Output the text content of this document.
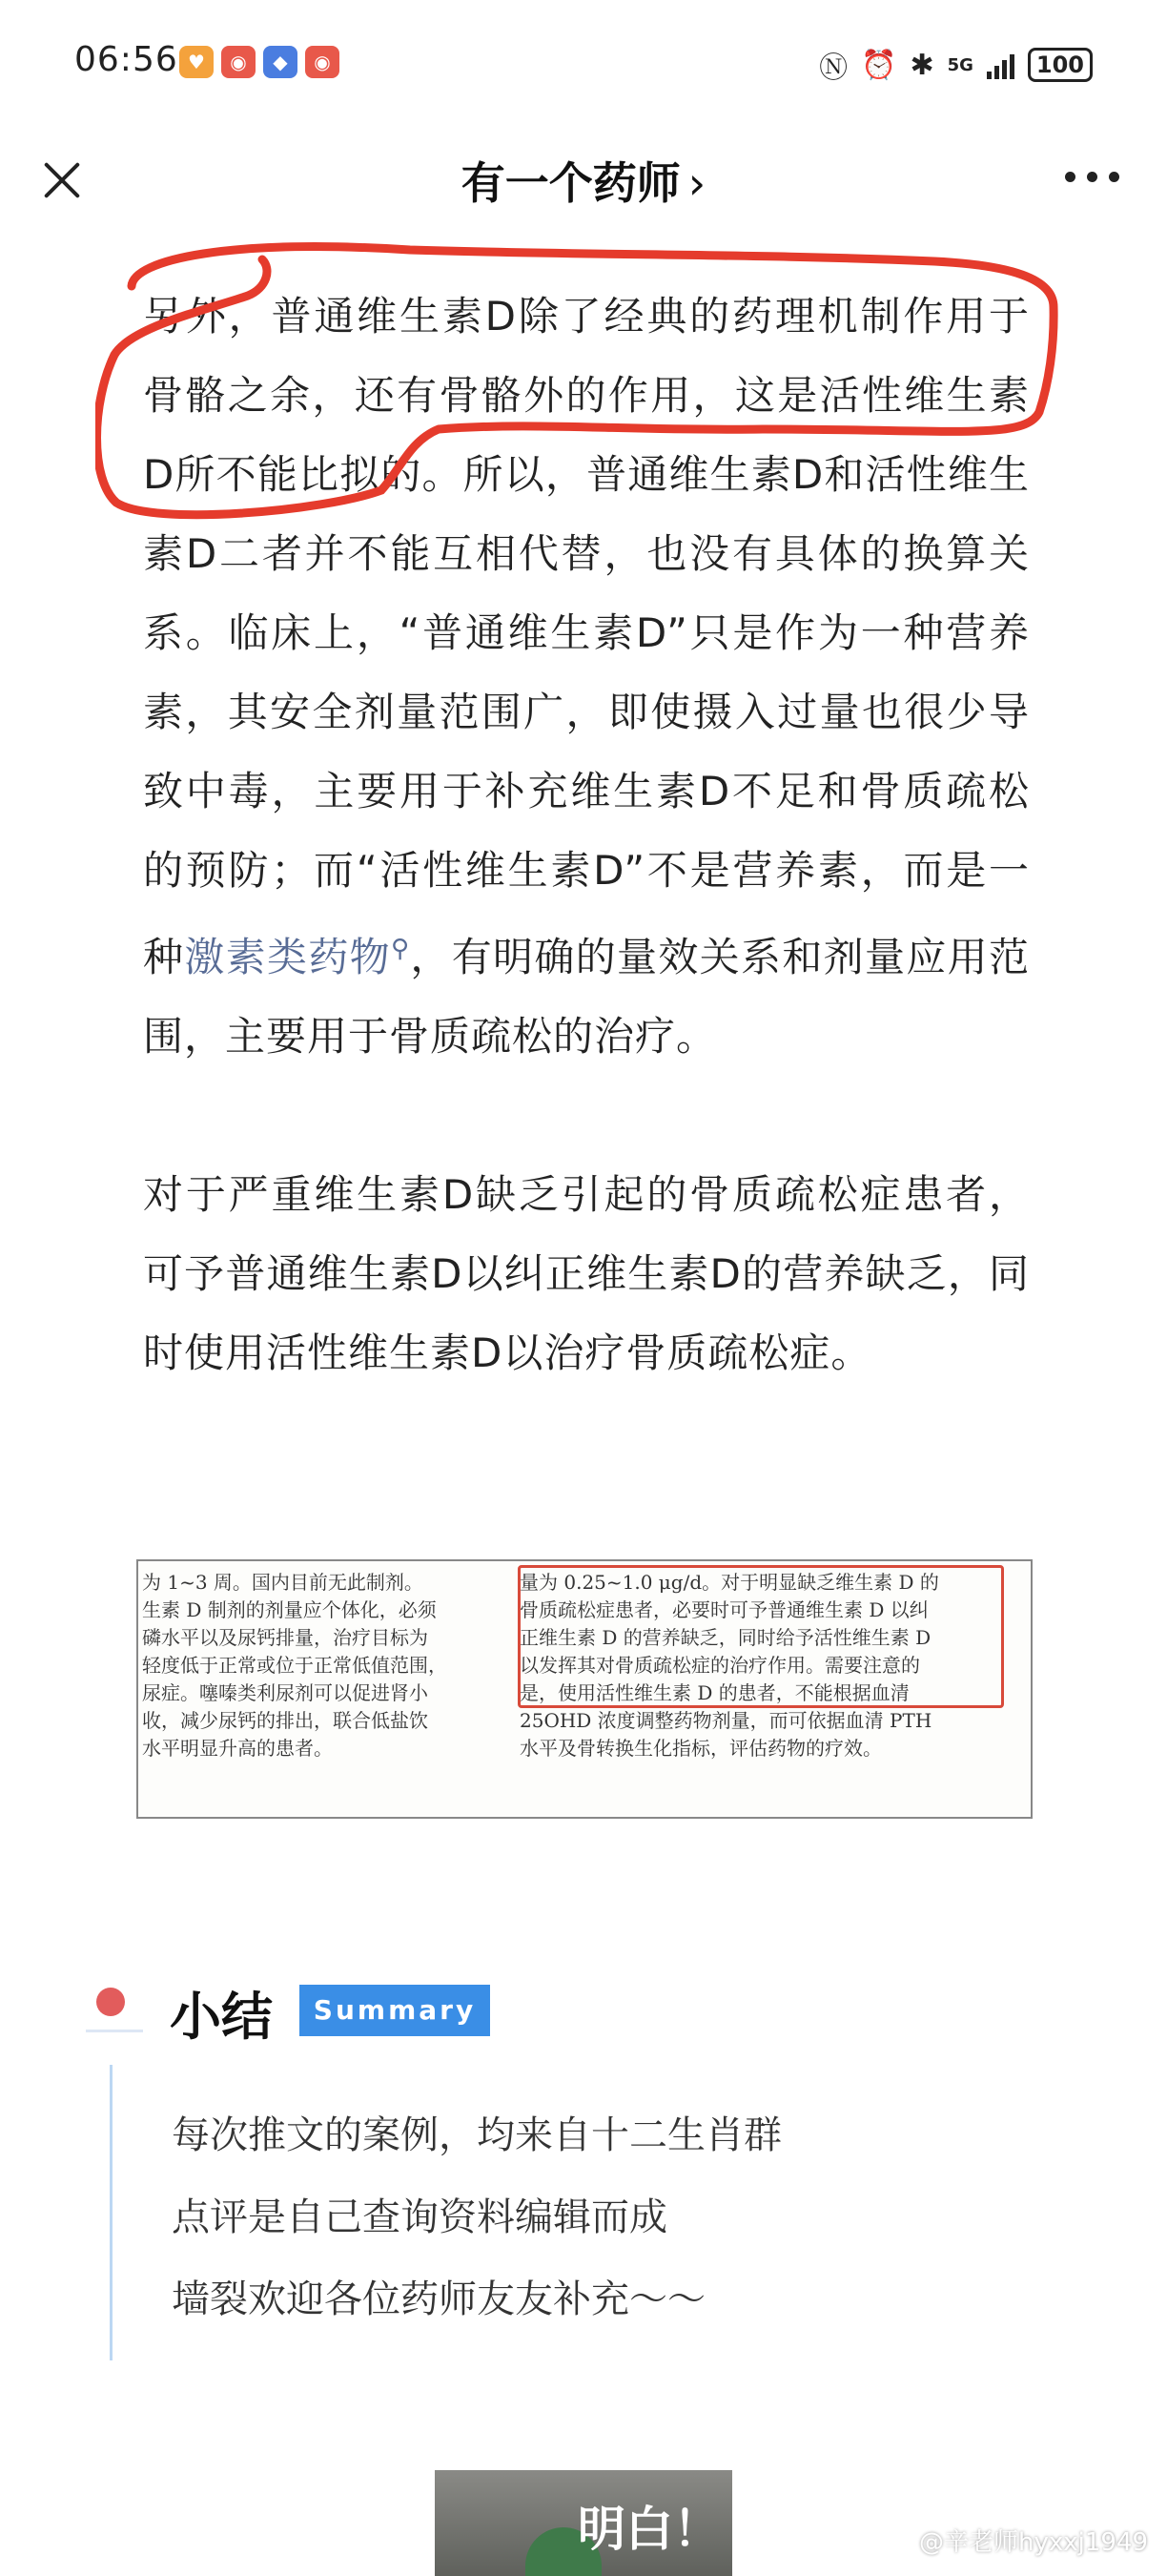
06:56 ♥	◉	◆	◉	Ⓝ ⏰ ✱ 5G	100
有一个药师 ›

另外，普通维生素D除了经典的药理机制作用于骨骼之余，还有骨骼外的作用，这是活性维生素D所不能比拟的。所以，普通维生素D和活性维生素D二者并不能互相代替，也没有具体的换算关系。临床上，“普通维生素D”只是作为一种营养素，其安全剂量范围广，即使摄入过量也很少导致中毒，主要用于补充维生素D不足和骨质疏松的预防；而“活性维生素D”不是营养素，而是一种激素类药物⚲，有明确的量效关系和剂量应用范围，主要用于骨质疏松的治疗。

对于严重维生素D缺乏引起的骨质疏松症患者，可予普通维生素D以纠正维生素D的营养缺乏，同时使用活性维生素D以治疗骨质疏松症。

为 1~3 周。国内目前无此制剂。
生素 D 制剂的剂量应个体化，必须
磷水平以及尿钙排量，治疗目标为
轻度低于正常或位于正常低值范围，
尿症。噻嗪类利尿剂可以促进肾小
收，减少尿钙的排出，联合低盐饮
水平明显升高的患者。
量为 0.25~1.0 μg/d。对于明显缺乏维生素 D 的
骨质疏松症患者，必要时可予普通维生素 D 以纠
正维生素 D 的营养缺乏，同时给予活性维生素 D
以发挥其对骨质疏松症的治疗作用。需要注意的
是，使用活性维生素 D 的患者，不能根据血清
25OHD 浓度调整药物剂量，而可依据血清 PTH
水平及骨转换生化指标，评估药物的疗效。
小结	Summary
每次推文的案例，均来自十二生肖群
点评是自己查询资料编辑而成
墙裂欢迎各位药师友友补充～～
明白！	@辛老师hyxxj1949
